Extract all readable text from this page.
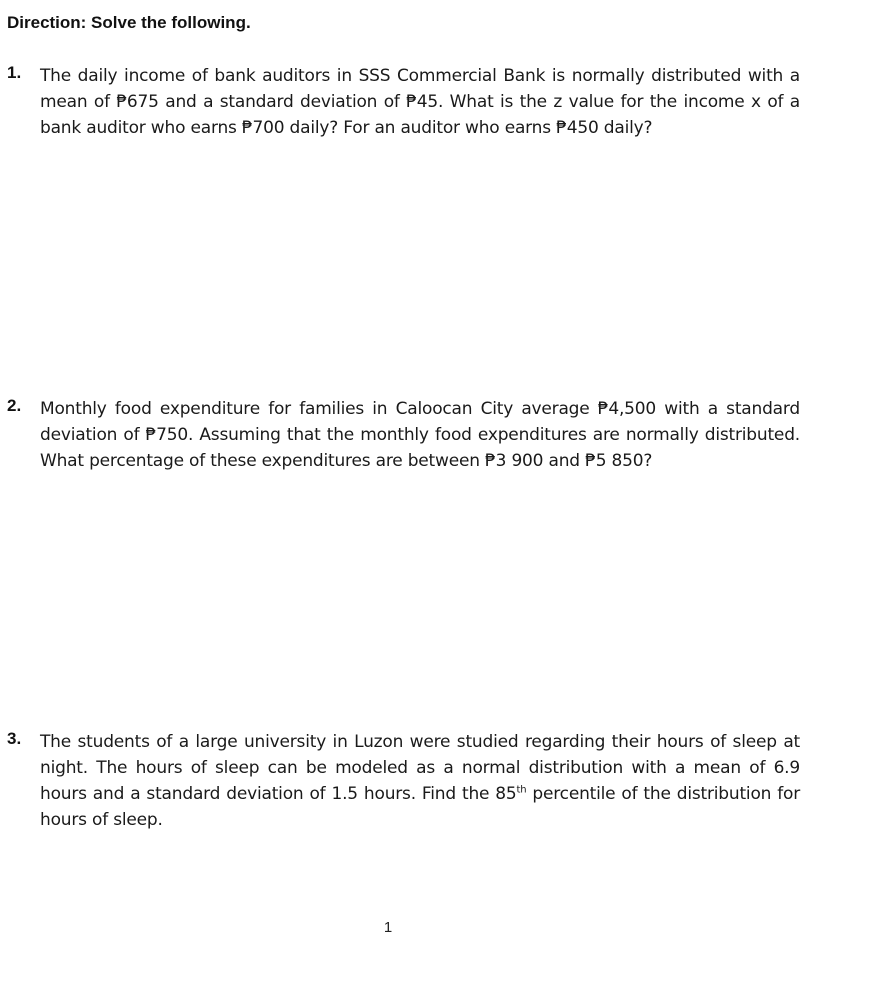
Direction: Solve the following.
1. The daily income of bank auditors in SSS Commercial Bank is normally distributed with a mean of ₱675 and a standard deviation of ₱45. What is the z value for the income x of a bank auditor who earns ₱700 daily? For an auditor who earns ₱450 daily?

2. Monthly food expenditure for families in Caloocan City average ₱4,500 with a standard deviation of ₱750. Assuming that the monthly food expenditures are normally distributed. What percentage of these expenditures are between ₱3 900 and ₱5 850?

3. The students of a large university in Luzon were studied regarding their hours of sleep at night. The hours of sleep can be modeled as a normal distribution with a mean of 6.9 hours and a standard deviation of 1.5 hours. Find the 85th percentile of the distribution for hours of sleep.

1
